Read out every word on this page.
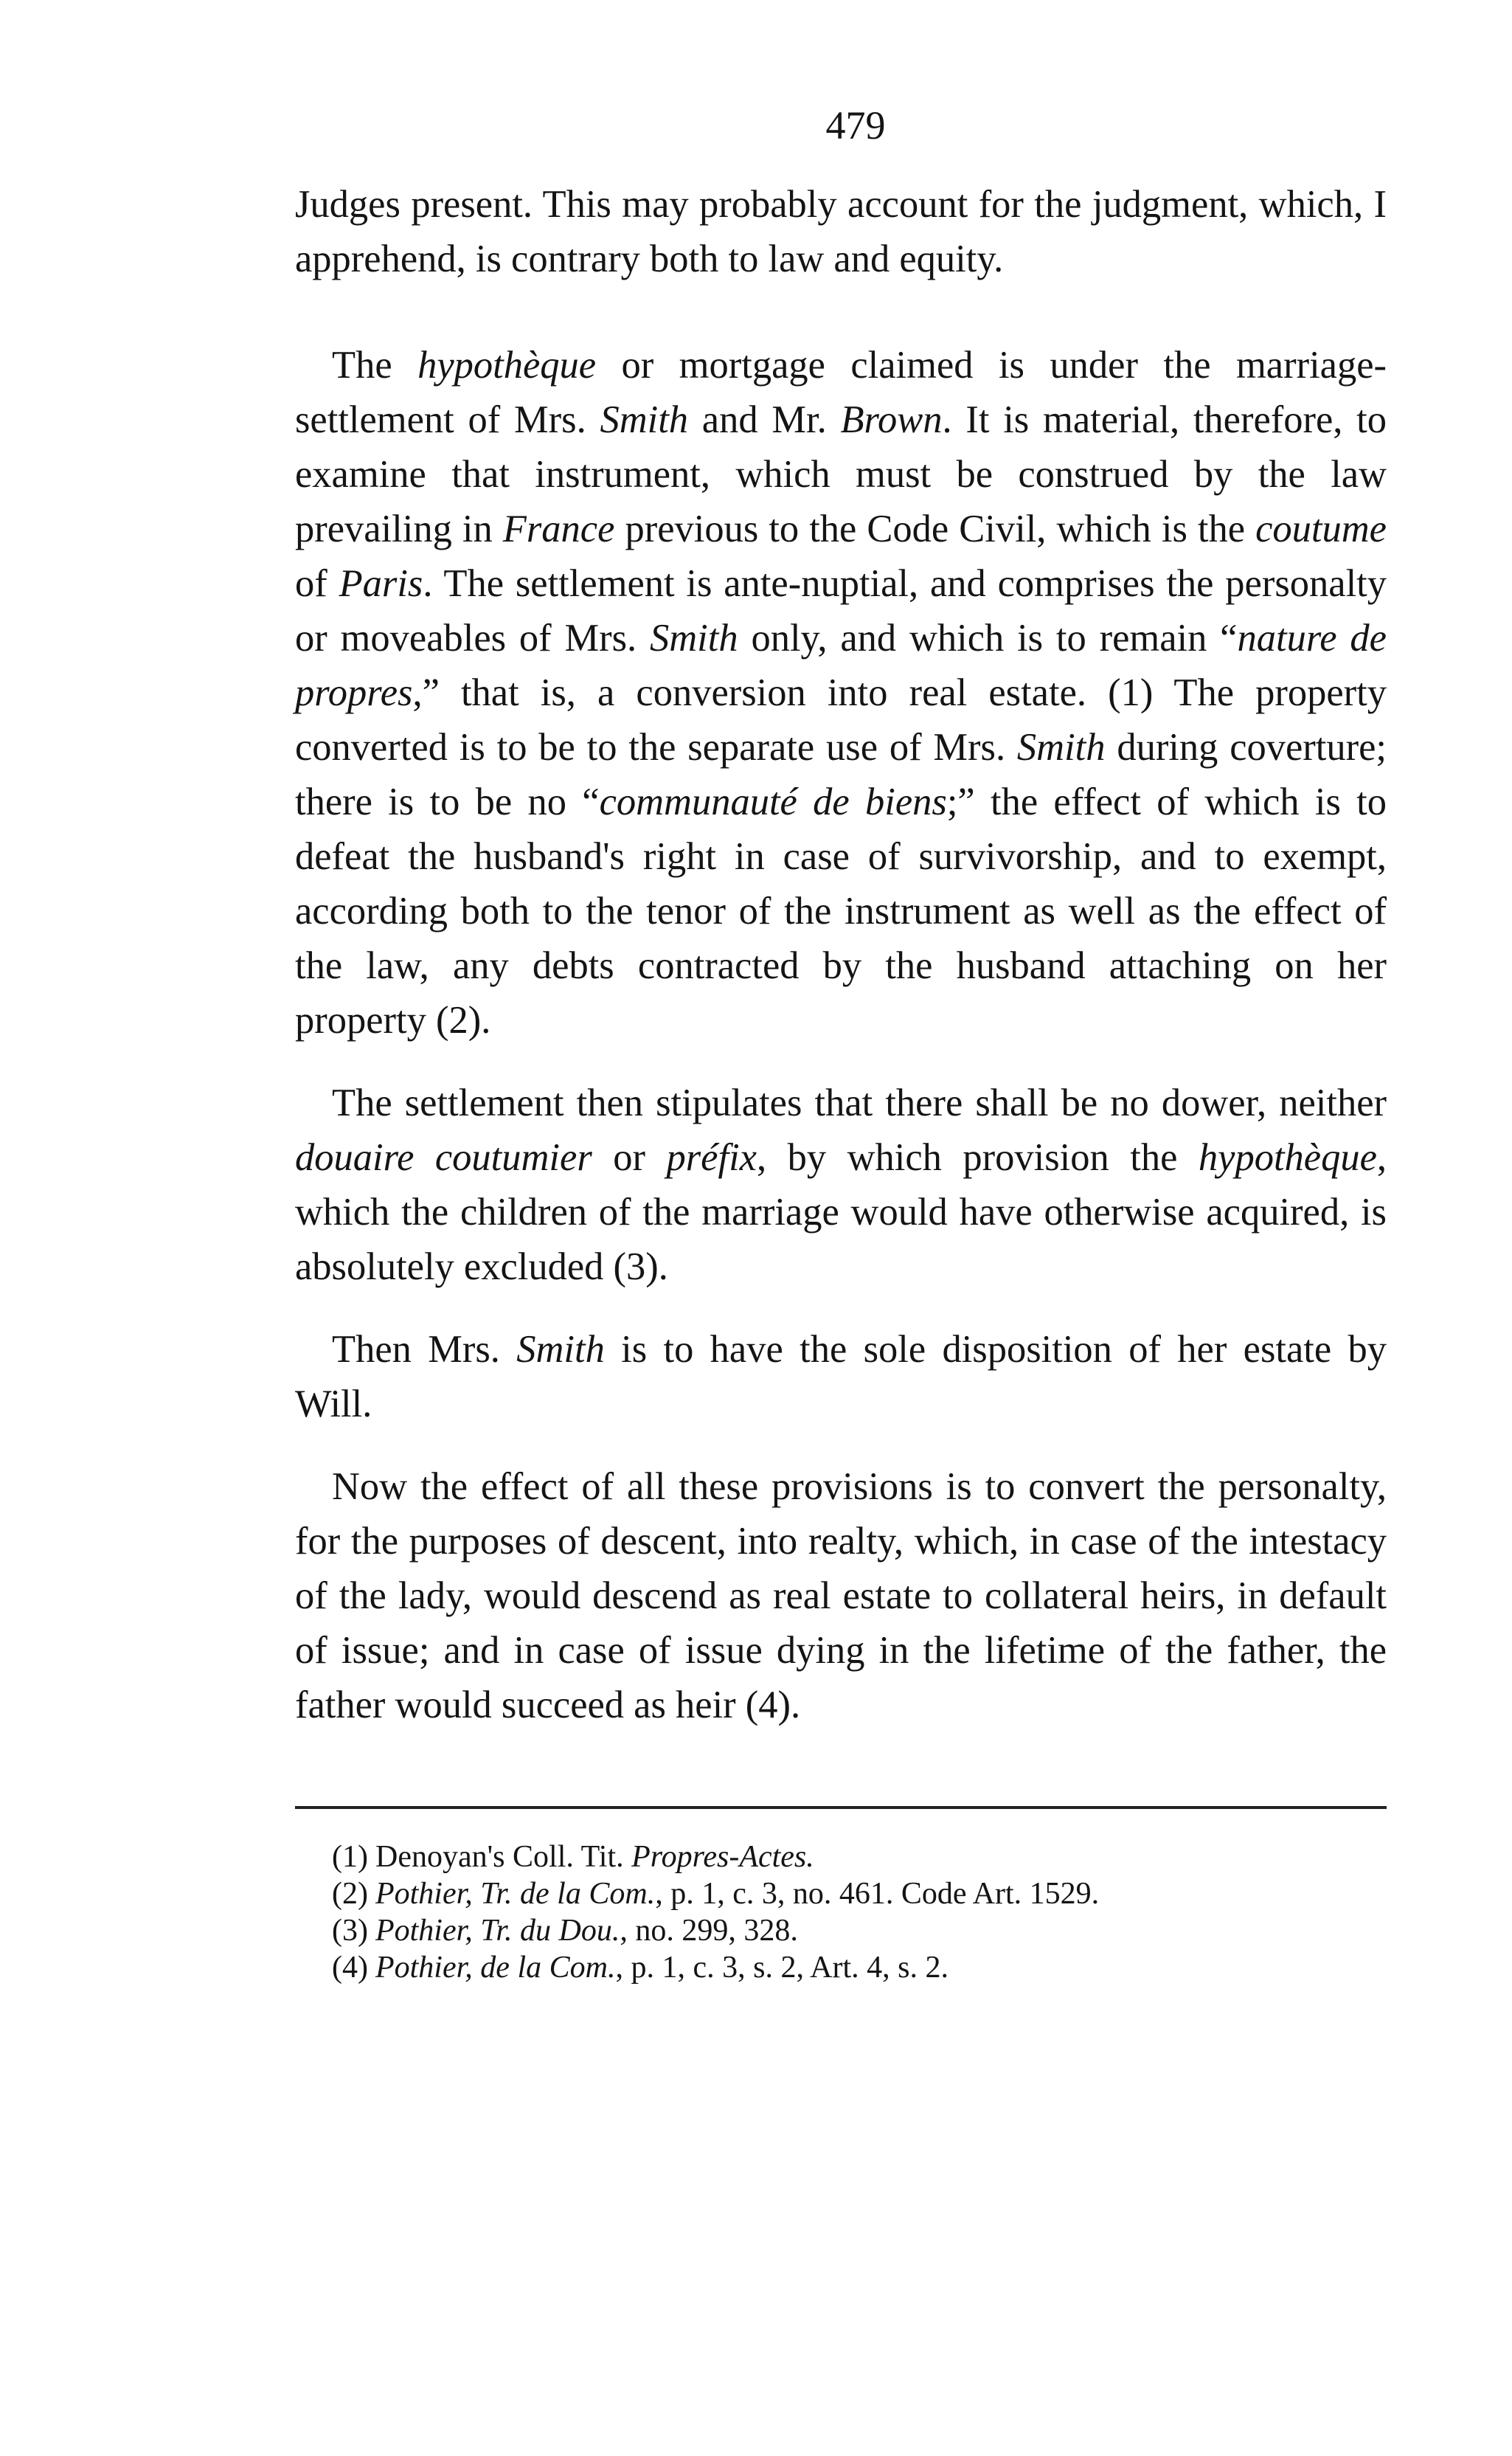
479

Judges present. This may probably account for the judgment, which, I apprehend, is contrary both to law and equity.

The hypothèque or mortgage claimed is under the marriage-settlement of Mrs. Smith and Mr. Brown. It is material, therefore, to examine that instrument, which must be construed by the law prevailing in France previous to the Code Civil, which is the coutume of Paris. The settlement is ante-nuptial, and comprises the personalty or moveables of Mrs. Smith only, and which is to remain “nature de propres,” that is, a conversion into real estate. (1) The property converted is to be to the separate use of Mrs. Smith during coverture; there is to be no “communauté de biens;” the effect of which is to defeat the husband's right in case of survivorship, and to exempt, according both to the tenor of the instrument as well as the effect of the law, any debts contracted by the husband attaching on her property (2).

The settlement then stipulates that there shall be no dower, neither douaire coutumier or préfix, by which provision the hypothèque, which the children of the marriage would have otherwise acquired, is absolutely excluded (3).

Then Mrs. Smith is to have the sole disposition of her estate by Will.

Now the effect of all these provisions is to convert the personalty, for the purposes of descent, into realty, which, in case of the intestacy of the lady, would descend as real estate to collateral heirs, in default of issue; and in case of issue dying in the lifetime of the father, the father would succeed as heir (4).

(1) Denoyan's Coll. Tit. Propres-Actes.

(2) Pothier, Tr. de la Com., p. 1, c. 3, no. 461. Code Art. 1529.

(3) Pothier, Tr. du Dou., no. 299, 328.

(4) Pothier, de la Com., p. 1, c. 3, s. 2, Art. 4, s. 2.
